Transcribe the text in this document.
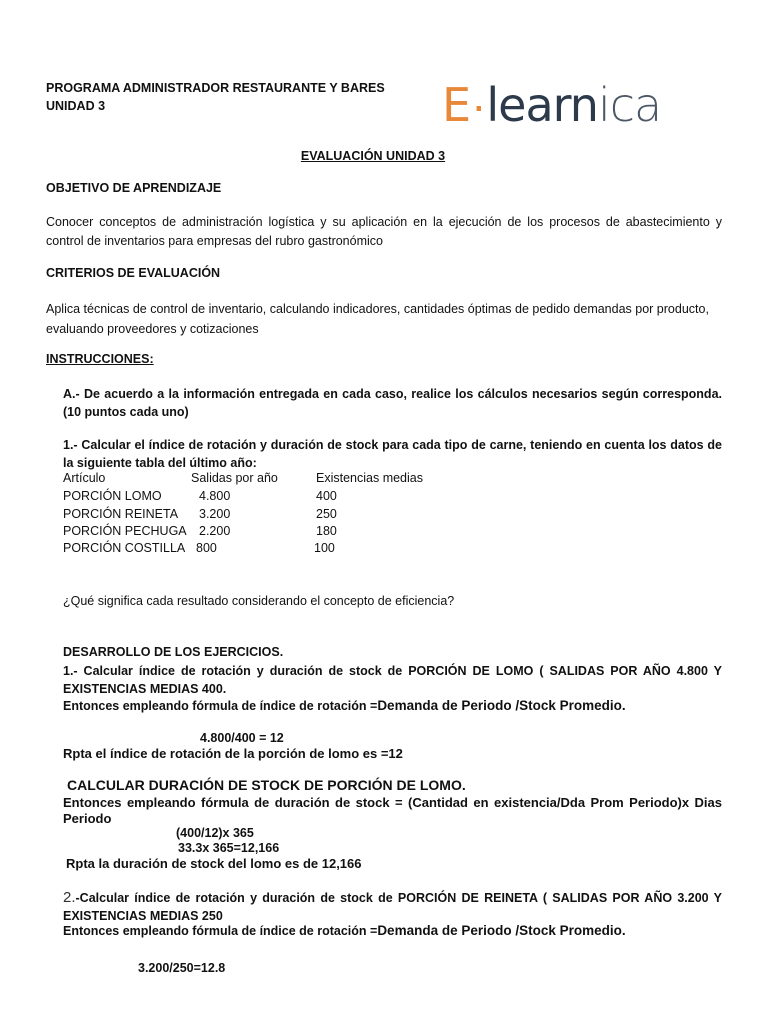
PROGRAMA ADMINISTRADOR RESTAURANTE Y BARES
UNIDAD 3	E·learnica
EVALUACIÓN UNIDAD 3
OBJETIVO DE APRENDIZAJE
Conocer conceptos de administración logística y su aplicación en la ejecución de los procesos de abastecimiento y control de inventarios para empresas del rubro gastronómico
CRITERIOS DE EVALUACIÓN
Aplica técnicas de control de inventario, calculando indicadores, cantidades óptimas de pedido demandas por producto, evaluando proveedores y cotizaciones
INSTRUCCIONES:
A.- De acuerdo a la información entregada en cada caso, realice los cálculos necesarios según corresponda. (10 puntos cada uno)
1.- Calcular el índice de rotación y duración de stock para cada tipo de carne, teniendo en cuenta los datos de la siguiente tabla del último año:
Artículo	Salidas por año	Existencias medias
PORCIÓN LOMO	4.800	400
PORCIÓN REINETA 3.200	250
PORCIÓN PECHUGA 2.200	180
PORCIÓN COSTILLA 800	100
¿Qué significa cada resultado considerando el concepto de eficiencia?
DESARROLLO DE LOS EJERCICIOS.
1.- Calcular índice de rotación y duración de stock de PORCIÓN DE LOMO ( SALIDAS POR AÑO 4.800 Y EXISTENCIAS MEDIAS 400.
Entonces empleando fórmula de índice de rotación =Demanda de Periodo /Stock Promedio.
4.800/400 = 12
Rpta el índice de rotación de la porción de lomo es =12
CALCULAR DURACIÓN DE STOCK DE PORCIÓN DE LOMO.
Entonces empleando fórmula de duración de stock = (Cantidad en existencia/Dda Prom Periodo)x Dias Periodo
(400/12)x 365
33.3x 365=12,166
Rpta la duración de stock del lomo es de 12,166
2.-Calcular índice de rotación y duración de stock de PORCIÓN DE REINETA ( SALIDAS POR AÑO 3.200 Y EXISTENCIAS MEDIAS 250
Entonces empleando fórmula de índice de rotación =Demanda de Periodo /Stock Promedio.
3.200/250=12.8
